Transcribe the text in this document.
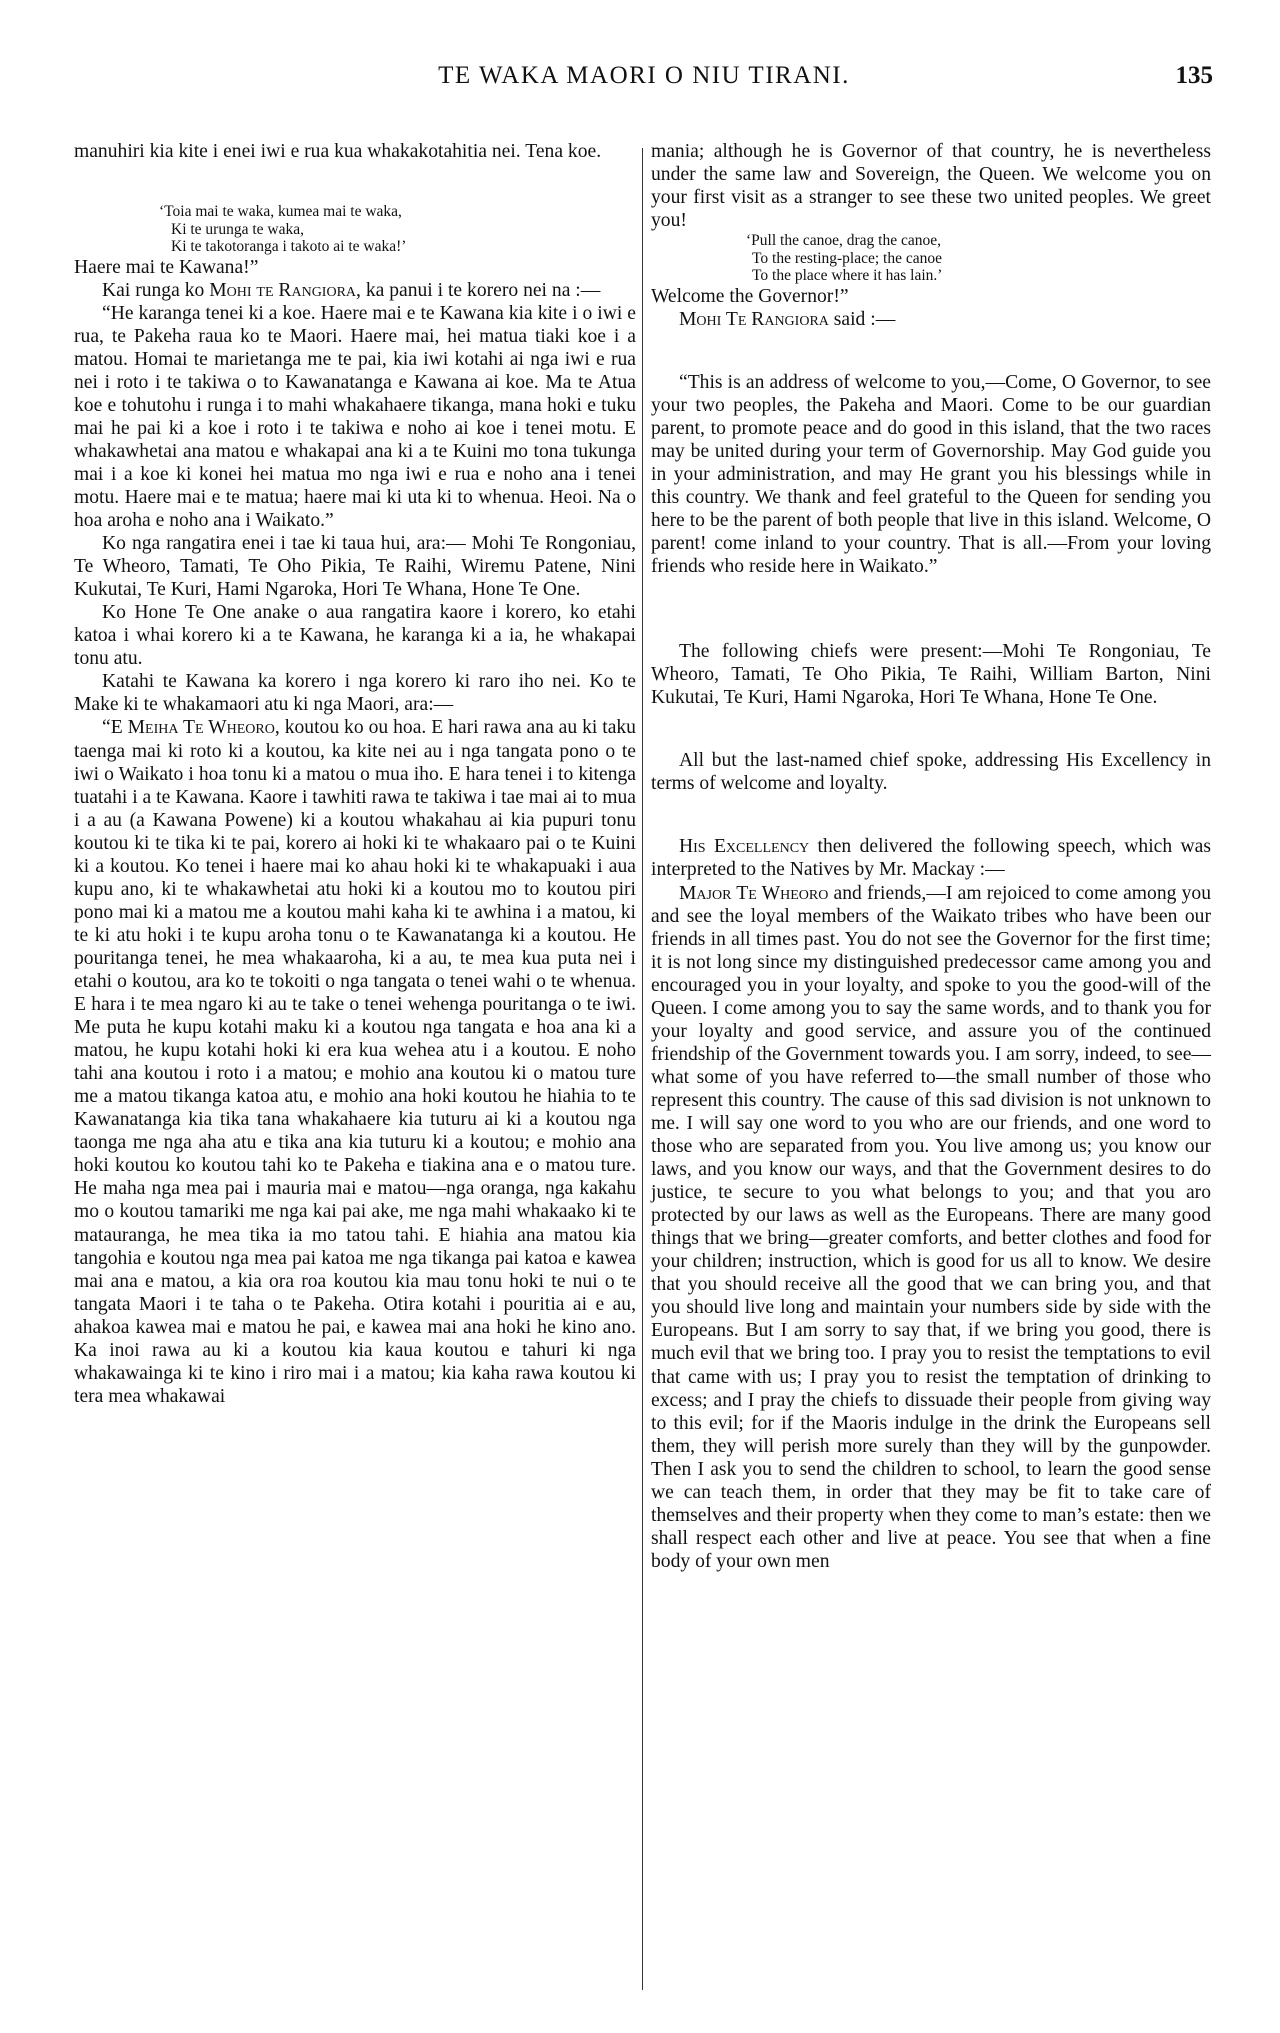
TE WAKA MAORI O NIU TIRANI.	135

manuhiri kia kite i enei iwi e rua kua whakakotahitia nei. Tena koe.

‘Toia mai te waka, kumea mai te waka,
Ki te urunga te waka,
Ki te takotoranga i takoto ai te waka!’

Haere mai te Kawana!”

Kai runga ko Mohi te Rangiora, ka panui i te korero nei na :—

“He karanga tenei ki a koe. Haere mai e te Kawana kia kite i o iwi e rua, te Pakeha raua ko te Maori. Haere mai, hei matua tiaki koe i a matou. Homai te marietanga me te pai, kia iwi kotahi ai nga iwi e rua nei i roto i te takiwa o to Kawanatanga e Kawana ai koe. Ma te Atua koe e tohutohu i runga i to mahi whakahaere tikanga, mana hoki e tuku mai he pai ki a koe i roto i te takiwa e noho ai koe i tenei motu. E whakawhetai ana matou e whakapai ana ki a te Kuini mo tona tukunga mai i a koe ki konei hei matua mo nga iwi e rua e noho ana i tenei motu. Haere mai e te matua; haere mai ki uta ki to whenua. Heoi. Na o hoa aroha e noho ana i Waikato.”

Ko nga rangatira enei i tae ki taua hui, ara:— Mohi Te Rongoniau, Te Wheoro, Tamati, Te Oho Pikia, Te Raihi, Wiremu Patene, Nini Kukutai, Te Kuri, Hami Ngaroka, Hori Te Whana, Hone Te One.

Ko Hone Te One anake o aua rangatira kaore i korero, ko etahi katoa i whai korero ki a te Kawana, he karanga ki a ia, he whakapai tonu atu.

Katahi te Kawana ka korero i nga korero ki raro iho nei. Ko te Make ki te whakamaori atu ki nga Maori, ara:—

“E Meiha Te Wheoro, koutou ko ou hoa. E hari rawa ana au ki taku taenga mai ki roto ki a koutou, ka kite nei au i nga tangata pono o te iwi o Waikato i hoa tonu ki a matou o mua iho. E hara tenei i to kitenga tuatahi i a te Kawana. Kaore i tawhiti rawa te takiwa i tae mai ai to mua i a au (a Kawana Powene) ki a koutou whakahau ai kia pupuri tonu koutou ki te tika ki te pai, korero ai hoki ki te whakaaro pai o te Kuini ki a koutou. Ko tenei i haere mai ko ahau hoki ki te whakapuaki i aua kupu ano, ki te whakawhetai atu hoki ki a koutou mo to koutou piri pono mai ki a matou me a koutou mahi kaha ki te awhina i a matou, ki te ki atu hoki i te kupu aroha tonu o te Kawanatanga ki a koutou. He pouritanga tenei, he mea whakaaroha, ki a au, te mea kua puta nei i etahi o koutou, ara ko te tokoiti o nga tangata o tenei wahi o te whenua. E hara i te mea ngaro ki au te take o tenei wehenga pouritanga o te iwi. Me puta he kupu kotahi maku ki a koutou nga tangata e hoa ana ki a matou, he kupu kotahi hoki ki era kua wehea atu i a koutou. E noho tahi ana koutou i roto i a matou; e mohio ana koutou ki o matou ture me a matou tikanga katoa atu, e mohio ana hoki koutou he hiahia to te Kawanatanga kia tika tana whakahaere kia tuturu ai ki a koutou nga taonga me nga aha atu e tika ana kia tuturu ki a koutou; e mohio ana hoki koutou ko koutou tahi ko te Pakeha e tiakina ana e o matou ture. He maha nga mea pai i mauria mai e matou—nga oranga, nga kakahu mo o koutou tamariki me nga kai pai ake, me nga mahi whakaako ki te matauranga, he mea tika ia mo tatou tahi. E hiahia ana matou kia tangohia e koutou nga mea pai katoa me nga tikanga pai katoa e kawea mai ana e matou, a kia ora roa koutou kia mau tonu hoki te nui o te tangata Maori i te taha o te Pakeha. Otira kotahi i pouritia ai e au, ahakoa kawea mai e matou he pai, e kawea mai ana hoki he kino ano. Ka inoi rawa au ki a koutou kia kaua koutou e tahuri ki nga whakawainga ki te kino i riro mai i a matou; kia kaha rawa koutou ki tera mea whakawai

mania; although he is Governor of that country, he is nevertheless under the same law and Sovereign, the Queen. We welcome you on your first visit as a stranger to see these two united peoples. We greet you!

‘Pull the canoe, drag the canoe,
To the resting-place; the canoe
To the place where it has lain.’

Welcome the Governor!”

Mohi Te Rangiora said :—

“This is an address of welcome to you,—Come, O Governor, to see your two peoples, the Pakeha and Maori. Come to be our guardian parent, to promote peace and do good in this island, that the two races may be united during your term of Governorship. May God guide you in your administration, and may He grant you his blessings while in this country. We thank and feel grateful to the Queen for sending you here to be the parent of both people that live in this island. Welcome, O parent! come inland to your country. That is all.—From your loving friends who reside here in Waikato.”

The following chiefs were present:—Mohi Te Rongoniau, Te Wheoro, Tamati, Te Oho Pikia, Te Raihi, William Barton, Nini Kukutai, Te Kuri, Hami Ngaroka, Hori Te Whana, Hone Te One.

All but the last-named chief spoke, addressing His Excellency in terms of welcome and loyalty.

His Excellency then delivered the following speech, which was interpreted to the Natives by Mr. Mackay :—

Major Te Wheoro and friends,—I am rejoiced to come among you and see the loyal members of the Waikato tribes who have been our friends in all times past. You do not see the Governor for the first time; it is not long since my distinguished predecessor came among you and encouraged you in your loyalty, and spoke to you the good-will of the Queen. I come among you to say the same words, and to thank you for your loyalty and good service, and assure you of the continued friendship of the Government towards you. I am sorry, indeed, to see—what some of you have referred to—the small number of those who represent this country. The cause of this sad division is not unknown to me. I will say one word to you who are our friends, and one word to those who are separated from you. You live among us; you know our laws, and you know our ways, and that the Government desires to do justice, te secure to you what belongs to you; and that you aro protected by our laws as well as the Europeans. There are many good things that we bring—greater comforts, and better clothes and food for your children; instruction, which is good for us all to know. We desire that you should receive all the good that we can bring you, and that you should live long and maintain your numbers side by side with the Europeans. But I am sorry to say that, if we bring you good, there is much evil that we bring too. I pray you to resist the temptations to evil that came with us; I pray you to resist the temptation of drinking to excess; and I pray the chiefs to dissuade their people from giving way to this evil; for if the Maoris indulge in the drink the Europeans sell them, they will perish more surely than they will by the gunpowder. Then I ask you to send the children to school, to learn the good sense we can teach them, in order that they may be fit to take care of themselves and their property when they come to man’s estate: then we shall respect each other and live at peace. You see that when a fine body of your own men
